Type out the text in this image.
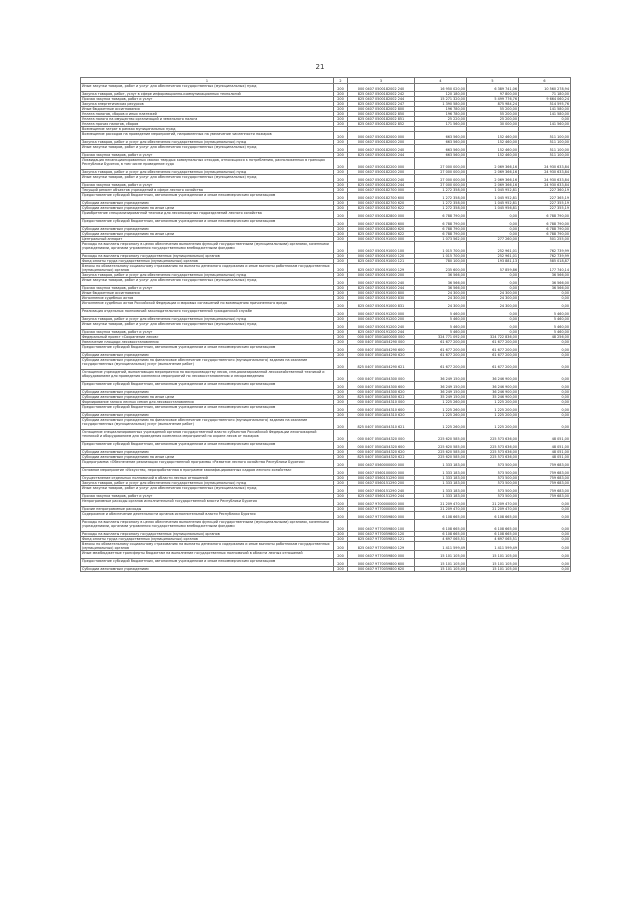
21
1	2	3	4	5	6
Иные закупки товаров, работ и услуг для обеспечения государственных (муниципальных) нужд	200	000 0407 0500182002 240	16 950 020,00	6 389 741,06	10 560 278,94
Закупка товаров, работ, услуг в сфере информационно-коммуникационных технологий	200	825 0407 0500182002 242	120 180,00	97 800,00	71 180,00
Прочая закупка товаров, работ и услуг	200	825 0407 0500182002 244	15 271 320,00	5 499 776,76	9 664 060,24
Закупка энергетических ресурсов	200	825 0407 0500182002 247	1 390 580,00	875 984,24	514 595,76
Иные бюджетные ассигнования	200	000 0407 0500182002 800	196 780,00	55 200,00	141 580,00
Уплата налогов, сборов и иных платежей	200	000 0407 0500182002 850	196 780,00	55 200,00	141 580,00
Уплата налога на имущество организаций и земельного налога	200	825 0407 0500182002 851	25 220,00	25 200,00	0,00
Уплата прочих налогов, сборов	200	825 0407 0500182002 852	171 560,00	30 000,00	141 560,00
Возмещение затрат в рамках муниципальных нужд					
Возмещение расходов на проведение мероприятий, направленных на увеличение численности пожаров	200	000 0407 0500182000 000	663 560,00	152 460,00	511 100,00
Закупка товаров, работ и услуг для обеспечения государственных (муниципальных) нужд	200	000 0407 0500182000 200	663 560,00	152 460,00	511 100,00
Иные закупки товаров, работ и услуг для обеспечения государственных (муниципальных) нужд	200	000 0407 0500182000 240	663 560,00	152 460,00	511 100,00
Прочая закупка товаров, работ и услуг	200	825 0407 0500182000 244	663 560,00	152 460,00	511 100,00
Ликвидация несанкционированных свалок твердых коммунальных отходов, относящихся к потреблению, расположенных в границах Республики Бурятия, в том числе проведение судо	200	000 0407 0500182200 000	27 000 000,00	2 069 366,16	24 930 633,84
Закупка товаров, работ и услуг для обеспечения государственных (муниципальных) нужд	200	000 0407 0500182200 200	27 000 000,00	2 069 366,16	24 930 633,84
Иные закупки товаров, работ и услуг для обеспечения государственных (муниципальных) нужд	200	000 0407 0500182200 240	27 000 000,00	2 069 366,16	24 930 633,84
Прочая закупка товаров, работ и услуг	200	825 0407 0500182200 244	27 000 000,00	2 069 366,16	24 930 633,84
Текущий ремонт объектов учреждений в сфере лесного хозяйства	200	000 0407 0500182700 000	1 272 358,00	1 045 952,81	227 360,19
Предоставление субсидий бюджетным, автономным учреждениям и иным некоммерческим организациям	200	000 0407 0500182700 600	1 272 358,00	1 045 952,81	227 365,19
Субсидии автономным учреждениям	200	000 0407 0500182700 620	1 272 358,00	1 045 952,81	227 355,19
Субсидии автономным учреждениям на иные цели	200	825 0407 0500182700 622	1 272 358,00	1 045 956,81	227 355,19
Приобретение специализированной техники для лесопожарных подразделений лесного хозяйства	200	000 0407 0500182800 000	6 788 790,00	0,00	6 788 790,00
Предоставление субсидий бюджетным, автономным учреждениям и иным некоммерческим организациям	200	000 0407 0500182800 600	6 788 790,00	0,00	6 788 790,00
Субсидии автономным учреждениям	200	000 0407 0500182800 620	6 788 790,00	0,00	6 788 790,00
Субсидии автономным учреждениям на иные цели	200	825 0407 0500182800 622	6 788 790,00	0,00	6 788 790,00
Центральный аппарат	200	000 0407 0500191000 000	1 073 562,00	277 260,00	501 255,00
Расходы на выплаты персоналу в целях обеспечения выполнения функций государственными (муниципальными) органами, казенными учреждениями, органами управления государственными внебюджетными фондами	200	000 0407 0500191000 100	1 015 700,00	252 961,01	762 739,99
Расходы на выплаты персоналу государственных (муниципальных) органов	200	000 0407 0500191000 120	1 015 700,00	252 961,01	762 739,99
Фонд оплаты труда государственных (муниципальных) органов	200	825 0407 0500191000 121	780 100,00	193 881,13	585 018,87
Взносы по обязательному социальному страхованию на выплаты денежного содержания и иные выплаты работникам государственных (муниципальных) органов	200	825 0407 0500191000 129	235 600,00	57 859,86	177 740,14
Закупка товаров, работ и услуг для обеспечения государственных (муниципальных) нужд	200	000 0407 0500191000 200	36 566,00	0,00	36 566,00
Иные закупки товаров, работ и услуг для обеспечения государственных (муниципальных) нужд	200	000 0407 0500191000 240	36 566,00	0,00	36 566,00
Прочая закупка товаров, работ и услуг	200	825 0407 0500191000 244	36 566,00	0,00	36 566,00
Иные бюджетные ассигнования	200	000 0407 0500191000 800	24 300,00	24 300,00	0,00
Исполнение судебных актов	200	000 0407 0500191000 830	24 300,00	24 300,00	0,00
Исполнение судебных актов Российской Федерации и мировых соглашений по возмещению причиненного вреда	200	825 0407 0500191000 831	24 300,00	24 300,00	0,00
Реализация отдельных полномочий законодательного государственной гражданской службе	200	000 0407 0500191200 000	5 460,00	0,00	5 460,00
Закупка товаров, работ и услуг для обеспечения государственных (муниципальных) нужд	200	000 0407 0500191200 200	5 460,00	0,00	5 460,00
Иные закупки товаров, работ и услуг для обеспечения государственных (муниципальных) нужд	200	000 0407 0500191200 240	5 460,00	0,00	5 460,00
Прочая закупка товаров, работ и услуг	200	825 0407 0500191200 244	5 460,00	0,00	5 460,00
Федеральный проект «Сохранение лесов»	200	000 0407 050GA00000 000	324 771 092,00	324 722 836,00	48 256,00
Увеличение площади лесовосстановления	200	000 0407 050GA54290 000	61 677 200,00	61 677 200,00	0,00
Предоставление субсидий бюджетным, автономным учреждениям и иным некоммерческим организациям	200	000 0407 050GA54290 600	61 677 200,00	61 677 200,00	0,00
Субсидии автономным учреждениям	200	000 0407 050GA54290 620	61 677 200,00	61 677 200,00	0,00
Субсидии автономным учреждениям на финансовое обеспечение государственного (муниципального) задания на оказание государственных (муниципальных) услуг (выполнение работ)	200	825 0407 050GA54290 621	61 677 200,00	61 677 200,00	0,00
Оснащение учреждений, выполняющих мероприятия по воспроизводству лесов, специализированной лесохозяйственной техникой и оборудованием для проведения комплекса мероприятий по лесовосстановлению и лесоразведению	200	000 0407 050GA54300 000	36 249 150,00	36 246 900,00	0,00
Предоставление субсидий бюджетным, автономным учреждениям и иным некоммерческим организациям	200	000 0407 050GA54300 600	36 249 150,00	36 246 900,00	0,00
Субсидии автономным учреждениям	200	000 0407 050GA54300 620	36 249 150,00	36 246 900,00	0,00
Субсидии автономным учреждениям на иные цели	200	825 0407 050GA54300 622	35 249 150,00	35 246 900,00	0,00
Формирование запаса лесных семян для лесовосстановления	200	000 0407 050GA54310 000	1 225 260,00	1 225 200,00	0,00
Предоставление субсидий бюджетным, автономным учреждениям и иным некоммерческим организациям	200	000 0407 050GA54310 600	1 225 260,00	1 225 200,00	0,00
Субсидии автономным учреждениям	200	000 0407 050GA54310 620	1 225 260,00	1 225 200,00	0,00
Субсидии автономным учреждениям на финансовое обеспечение государственного (муниципального) задания на оказание государственных (муниципальных) услуг (выполнение работ)	200	825 0407 050GA54310 621	1 225 260,00	1 225 200,00	0,00
Оснащение специализированных учреждений органов государственной власти субъектов Российской Федерации лесопожарной техникой и оборудованием для проведения комплекса мероприятий по охране лесов от пожаров	200	000 0407 050GA54320 000	225 620 585,00	225 573 636,00	48 051,00
Предоставление субсидий бюджетным, автономным учреждениям и иным некоммерческим организациям	200	000 0407 050GA54320 600	225 620 585,00	225 573 636,00	48 051,00
Субсидии автономным учреждениям	200	000 0407 050GA54320 620	225 620 585,00	225 573 636,00	48 051,00
Субсидии автономным учреждениям на иные цели	200	825 0407 050GA54320 622	225 620 585,00	225 573 636,00	48 051,00
Подпрограмма «Обеспечение реализации государственной программы «Развитие лесного хозяйства Республики Бурятия»	200	000 0407 0560000000 000	1 333 183,00	573 500,00	759 683,00
Основное мероприятие «Искусство, неразработанная в программе квалифицированных кадров лесного хозяйства»	200	000 0407 0560100000 000	1 333 183,00	573 500,00	759 683,00
Осуществление отдельных полномочий в области лесных отношений	200	000 0407 0560151290 000	1 333 183,00	573 500,00	759 683,00
Закупка товаров, работ и услуг для обеспечения государственных (муниципальных) нужд	200	000 0407 0560151290 200	1 333 183,00	573 500,00	759 683,00
Иные закупки товаров, работ и услуг для обеспечения государственных (муниципальных) нужд	200	000 0407 0560151290 240	1 333 183,00	573 500,00	759 683,00
Прочая закупка товаров, работ и услуг	200	825 0407 0560151290 244	1 333 183,00	573 500,00	759 683,00
Непрограммные расходы органов исполнительной государственной власти Республики Бурятия	200	000 0407 9700000000 000	21 209 470,00	21 209 470,00	0,00
Прочие непрограммные расходы	200	000 0407 9770000000 000	21 209 470,00	21 209 470,00	0,00
Содержание и обеспечение деятельности органов исполнительной власти Республики Бурятия	200	000 0407 9770059800 000	6 108 665,00	6 108 665,00	0,00
Расходы на выплаты персоналу в целях обеспечения выполнения функций государственными (муниципальными) органами, казенными учреждениями, органами управления государственными внебюджетными фондами	200	000 0407 9770059800 100	6 108 665,00	6 108 665,00	0,00
Расходы на выплаты персоналу государственных (муниципальных) органов	200	000 0407 9770059800 120	6 108 665,00	6 108 665,00	0,00
Фонд оплаты труда государственных (муниципальных) органов	200	825 0407 9770059800 121	4 697 065,51	4 697 065,51	0,00
Взносы по обязательному социальному страхованию на выплаты денежного содержания и иные выплаты работникам государственных (муниципальных) органов	200	825 0407 9770059800 129	1 411 599,49	1 411 599,49	0,00
Иные межбюджетные трансферты бюджетам на выполнение государственных полномочий в области лесных отношений	200	000 0407 9770059800 000	15 101 105,00	15 101 105,00	0,00
Предоставление субсидий бюджетным, автономным учреждениям и иным некоммерческим организациям	200	000 0407 9770059800 600	15 101 105,00	15 101 105,00	0,00
Субсидии автономным учреждениям	200	000 0407 9770059800 620	15 101 105,00	15 101 105,00	0,00
